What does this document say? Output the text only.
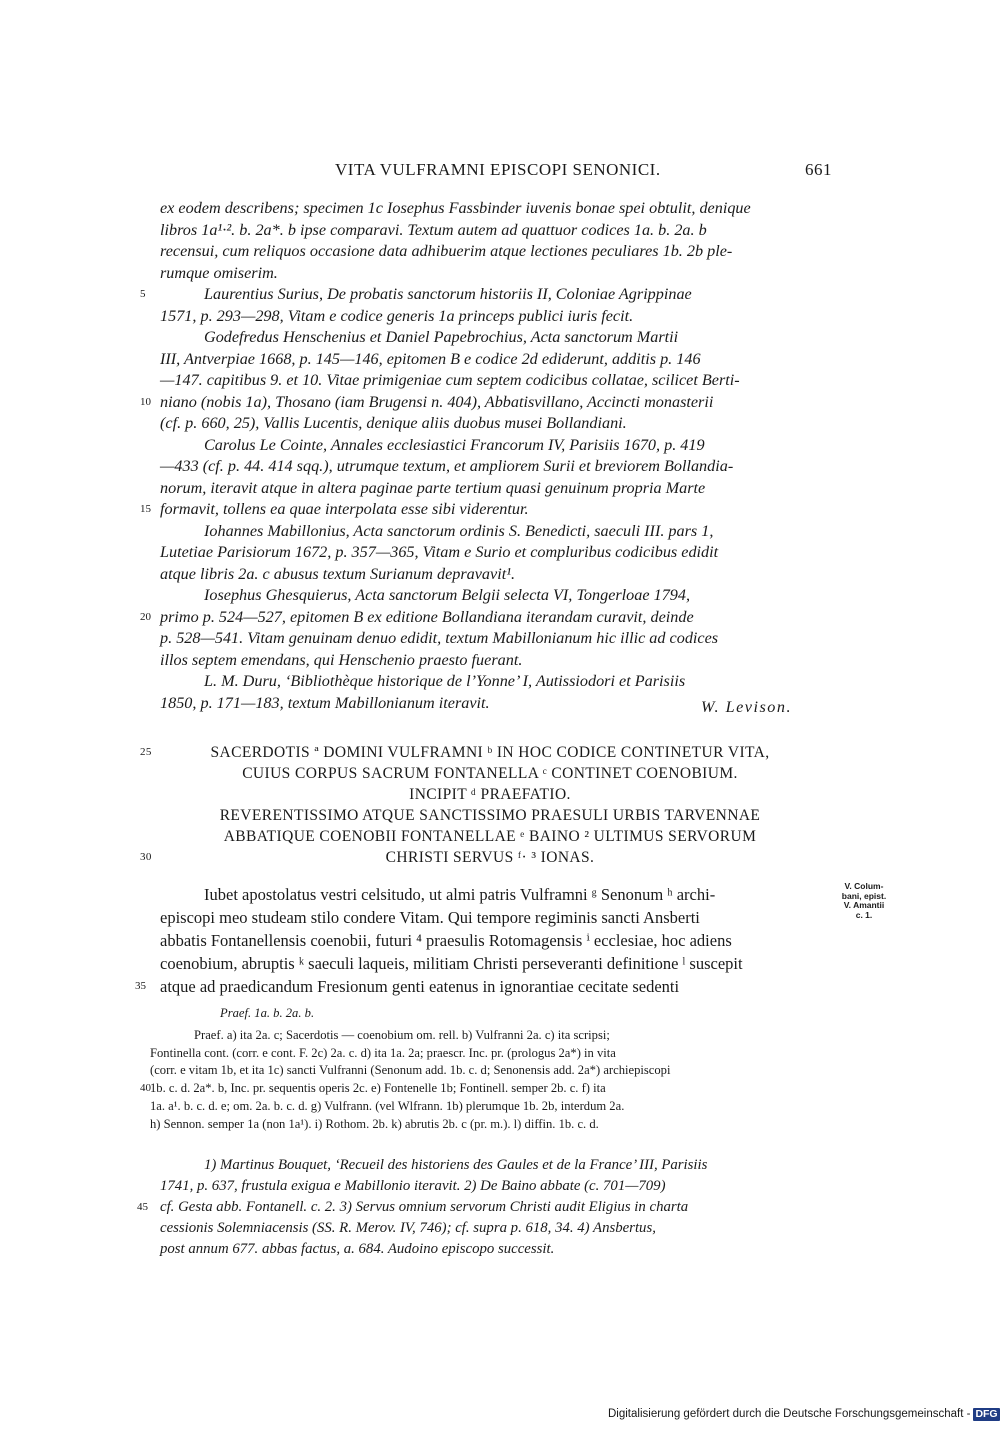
VITA VULFRAMNI EPISCOPI SENONICI.	661
ex eodem describens; specimen 1c Iosephus Fassbinder iuvenis bonae spei obtulit, denique
libros 1a¹·². b. 2a*. b ipse comparavi. Textum autem ad quattuor codices 1a. b. 2a. b
recensui, cum reliquos occasione data adhibuerim atque lectiones peculiares 1b. 2b ple-
rumque omiserim.
5	Laurentius Surius, De probatis sanctorum historiis II, Coloniae Agrippinae
1571, p. 293—298, Vitam e codice generis 1a princeps publici iuris fecit.
Godefredus Henschenius et Daniel Papebrochius, Acta sanctorum Martii
III, Antverpiae 1668, p. 145—146, epitomen B e codice 2d ediderunt, additis p. 146
—147. capitibus 9. et 10. Vitae primigeniae cum septem codicibus collatae, scilicet Berti-
10 niano (nobis 1a), Thosano (iam Brugensi n. 404), Abbatisvillano, Accincti monasterii
(cf. p. 660, 25), Vallis Lucentis, denique aliis duobus musei Bollandiani.
Carolus Le Cointe, Annales ecclesiastici Francorum IV, Parisiis 1670, p. 419
—433 (cf. p. 44. 414 sqq.), utrumque textum, et ampliorem Surii et breviorem Bollandia-
norum, iteravit atque in altera paginae parte tertium quasi genuinum propria Marte
15 formavit, tollens ea quae interpolata esse sibi viderentur.
Iohannes Mabillonius, Acta sanctorum ordinis S. Benedicti, saeculi III. pars 1,
Lutetiae Parisiorum 1672, p. 357—365, Vitam e Surio et compluribus codicibus edidit
atque libris 2a. c abusus textum Surianum depravavit¹.
Iosephus Ghesquierus, Acta sanctorum Belgii selecta VI, Tongerloae 1794,
20 primo p. 524—527, epitomen B ex editione Bollandiana iterandam curavit, deinde
p. 528—541. Vitam genuinam denuo edidit, textum Mabillonianum hic illic ad codices
illos septem emendans, qui Henschenio praesto fuerant.
L. M. Duru, ‘Bibliothèque historique de l’Yonne’ I, Autissiodori et Parisiis
1850, p. 171—183, textum Mabillonianum iteravit.	W. Levison.
25	SACERDOTIS ª DOMINI VULFRAMNI ᵇ IN HOC CODICE CONTINETUR VITA,
CUIUS CORPUS SACRUM FONTANELLA ᶜ CONTINET COENOBIUM.
INCIPIT ᵈ PRAEFATIO.
REVERENTISSIMO ATQUE SANCTISSIMO PRAESULI URBIS TARVENNAE
ABBATIQUE COENOBII FONTANELLAE ᵉ BAINO ² ULTIMUS SERVORUM
30	CHRISTI SERVUS ᶠ· ³ IONAS.
Iubet apostolatus vestri celsitudo, ut almi patris Vulframni ᵍ Senonum ʰ archi-
episcopi meo studeam stilo condere Vitam. Qui tempore regiminis sancti Ansberti
abbatis Fontanellensis coenobii, futuri ⁴ praesulis Rotomagensis ⁱ ecclesiae, hoc adiens
coenobium, abruptis ᵏ saeculi laqueis, militiam Christi perseveranti definitione ˡ suscepit
35 atque ad praedicandum Fresionum genti eatenus in ignorantiae cecitate sedenti
V. Colum-
bani, epist.
V. Amantii
c. 1.
Praef. 1a. b. 2a. b.
Praef. a) ita 2a. c; Sacerdotis — coenobium om. rell. b) Vulfranni 2a. c) ita scripsi;
Fontinella cont. (corr. e cont. F. 2c) 2a. c. d) ita 1a. 2a; praescr. Inc. pr. (prologus 2a*) in vita
(corr. e vitam 1b, et ita 1c) sancti Vulfranni (Senonum add. 1b. c. d; Senonensis add. 2a*) archiepiscopi
40 1b. c. d. 2a*. b, Inc. pr. sequentis operis 2c. e) Fontenelle 1b; Fontinell. semper 2b. c. f) ita
1a. a¹. b. c. d. e; om. 2a. b. c. d. g) Vulfrann. (vel Wlfrann. 1b) plerumque 1b. 2b, interdum 2a.
h) Sennon. semper 1a (non 1a¹). i) Rothom. 2b. k) abrutis 2b. c (pr. m.). l) diffin. 1b. c. d.
1) Martinus Bouquet, ‘Recueil des historiens des Gaules et de la France’ III, Parisiis
1741, p. 637, frustula exigua e Mabillonio iteravit. 2) De Baino abbate (c. 701—709)
45 cf. Gesta abb. Fontanell. c. 2. 3) Servus omnium servorum Christi audit Eligius in charta
cessionis Solemniacensis (SS. R. Merov. IV, 746); cf. supra p. 618, 34. 4) Ansbertus,
post annum 677. abbas factus, a. 684. Audoino episcopo successit.
Digitalisierung gefördert durch die Deutsche Forschungsgemeinschaft - DFG
